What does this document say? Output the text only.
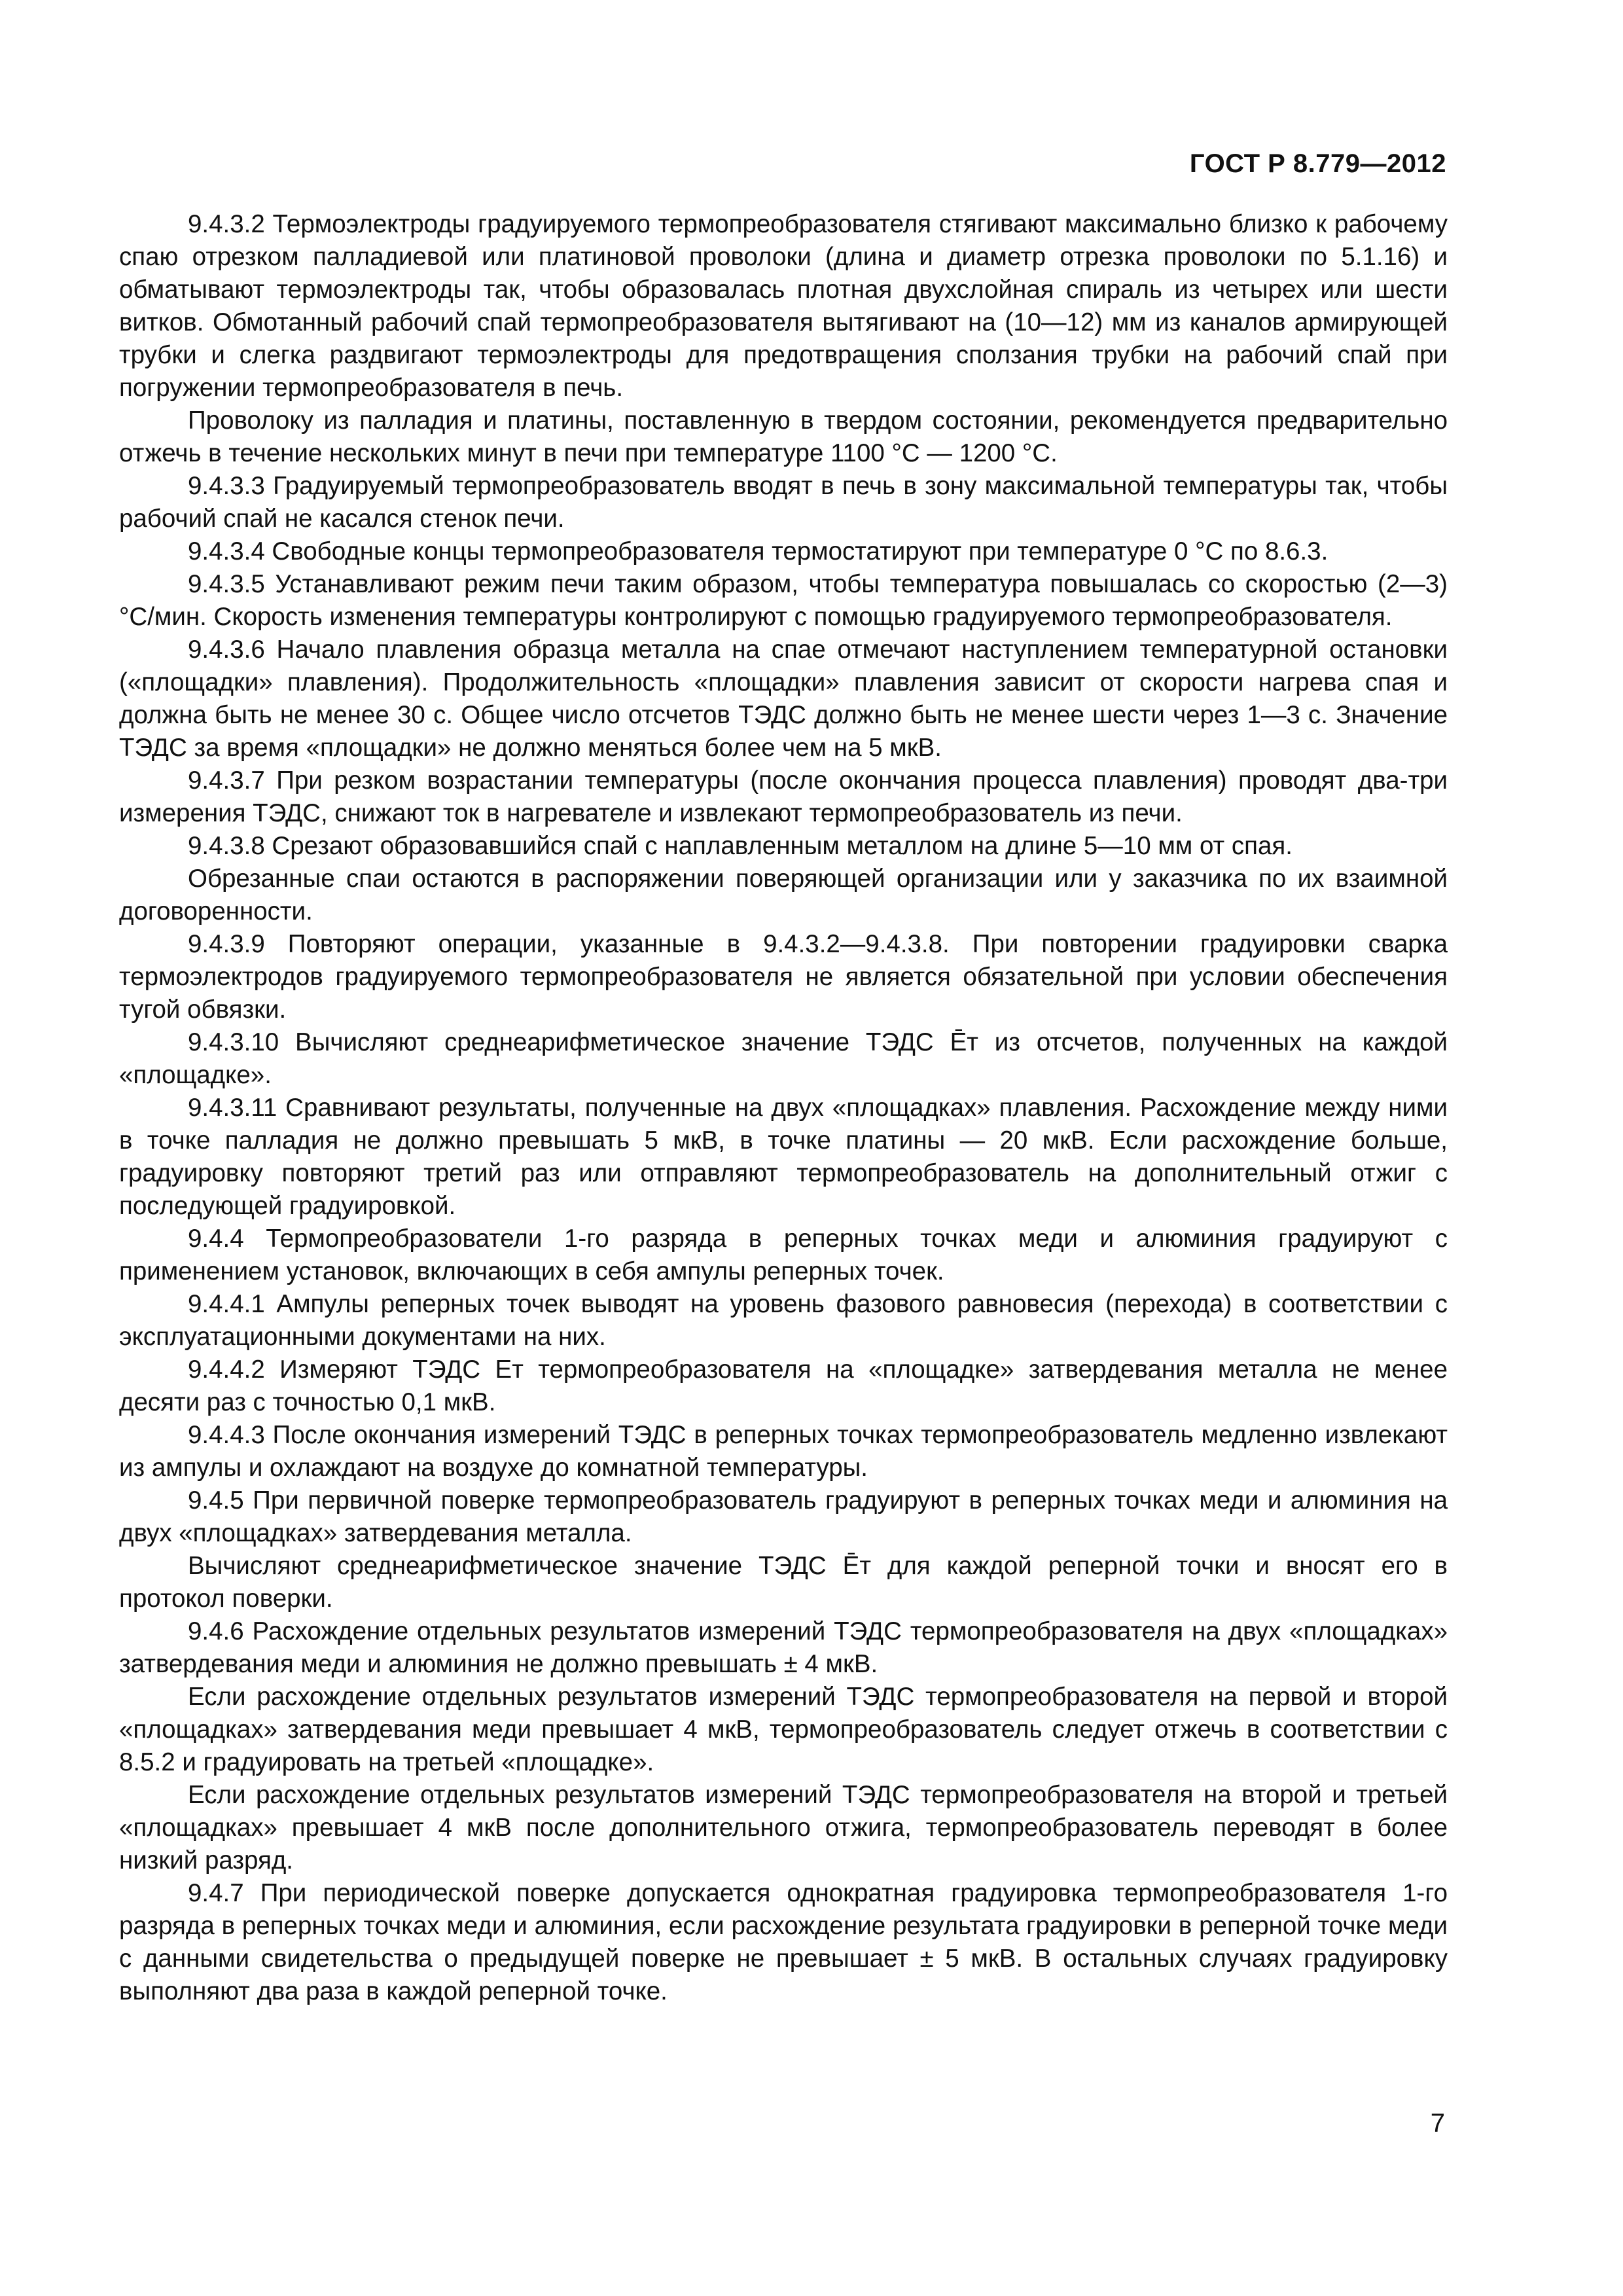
ГОСТ Р 8.779—2012

9.4.3.2 Термоэлектроды градуируемого термопреобразователя стягивают максимально близко к рабочему спаю отрезком палладиевой или платиновой проволоки (длина и диаметр отрезка проволоки по 5.1.16) и обматывают термоэлектроды так, чтобы образовалась плотная двухслойная спираль из четырех или шести витков. Обмотанный рабочий спай термопреобразователя вытягивают на (10—12) мм из каналов армирующей трубки и слегка раздвигают термоэлектроды для предотвращения сползания трубки на рабочий спай при погружении термопреобразователя в печь.

Проволоку из палладия и платины, поставленную в твердом состоянии, рекомендуется предварительно отжечь в течение нескольких минут в печи при температуре 1100 °С — 1200 °С.

9.4.3.3 Градуируемый термопреобразователь вводят в печь в зону максимальной температуры так, чтобы рабочий спай не касался стенок печи.

9.4.3.4 Свободные концы термопреобразователя термостатируют при температуре 0 °С по 8.6.3.

9.4.3.5 Устанавливают режим печи таким образом, чтобы температура повышалась со скоростью (2—3) °С/мин. Скорость изменения температуры контролируют с помощью градуируемого термопреобразователя.

9.4.3.6 Начало плавления образца металла на спае отмечают наступлением температурной остановки («площадки» плавления). Продолжительность «площадки» плавления зависит от скорости нагрева спая и должна быть не менее 30 с. Общее число отсчетов ТЭДС должно быть не менее шести через 1—3 с. Значение ТЭДС за время «площадки» не должно меняться более чем на 5 мкВ.

9.4.3.7 При резком возрастании температуры (после окончания процесса плавления) проводят два-три измерения ТЭДС, снижают ток в нагревателе и извлекают термопреобразователь из печи.

9.4.3.8 Срезают образовавшийся спай с наплавленным металлом на длине 5—10 мм от спая.

Обрезанные спаи остаются в распоряжении поверяющей организации или у заказчика по их взаимной договоренности.

9.4.3.9 Повторяют операции, указанные в 9.4.3.2—9.4.3.8. При повторении градуировки сварка термоэлектродов градуируемого термопреобразователя не является обязательной при условии обеспечения тугой обвязки.

9.4.3.10 Вычисляют среднеарифметическое значение ТЭДС Ēт из отсчетов, полученных на каждой «площадке».

9.4.3.11 Сравнивают результаты, полученные на двух «площадках» плавления. Расхождение между ними в точке палладия не должно превышать 5 мкВ, в точке платины — 20 мкВ. Если расхождение больше, градуировку повторяют третий раз или отправляют термопреобразователь на дополнительный отжиг с последующей градуировкой.

9.4.4 Термопреобразователи 1-го разряда в реперных точках меди и алюминия градуируют с применением установок, включающих в себя ампулы реперных точек.

9.4.4.1 Ампулы реперных точек выводят на уровень фазового равновесия (перехода) в соответствии с эксплуатационными документами на них.

9.4.4.2 Измеряют ТЭДС Eт термопреобразователя на «площадке» затвердевания металла не менее десяти раз с точностью 0,1 мкВ.

9.4.4.3 После окончания измерений ТЭДС в реперных точках термопреобразователь медленно извлекают из ампулы и охлаждают на воздухе до комнатной температуры.

9.4.5 При первичной поверке термопреобразователь градуируют в реперных точках меди и алюминия на двух «площадках» затвердевания металла.

Вычисляют среднеарифметическое значение ТЭДС Ēт для каждой реперной точки и вносят его в протокол поверки.

9.4.6 Расхождение отдельных результатов измерений ТЭДС термопреобразователя на двух «площадках» затвердевания меди и алюминия не должно превышать ± 4 мкВ.

Если расхождение отдельных результатов измерений ТЭДС термопреобразователя на первой и второй «площадках» затвердевания меди превышает 4 мкВ, термопреобразователь следует отжечь в соответствии с 8.5.2 и градуировать на третьей «площадке».

Если расхождение отдельных результатов измерений ТЭДС термопреобразователя на второй и третьей «площадках» превышает 4 мкВ после дополнительного отжига, термопреобразователь переводят в более низкий разряд.

9.4.7 При периодической поверке допускается однократная градуировка термопреобразователя 1-го разряда в реперных точках меди и алюминия, если расхождение результата градуировки в реперной точке меди с данными свидетельства о предыдущей поверке не превышает ± 5 мкВ. В остальных случаях градуировку выполняют два раза в каждой реперной точке.

7
